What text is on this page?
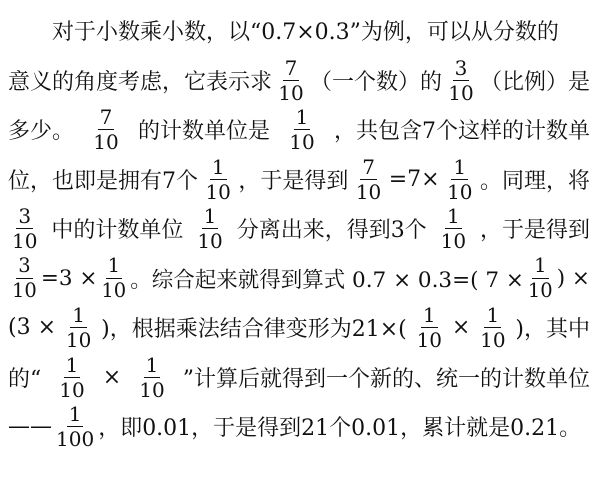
对于小数乘小数，以“0.7×0.3”为例，可以从分数的
意义的角度考虑，它表示求 $\frac{7}{10}$ （一个数）的 $\frac{3}{10}$ （比例）是
多少。 $\frac{7}{10}$ 的计数单位是 $\frac{1}{10}$ ，共包含7个这样的计数单
位，也即是拥有7个 $\frac{1}{10}$ ，于是得到 $\frac{7}{10} =7\times \frac{1}{10}$ 。同理，将
$\frac{3}{10}$ 中的计数单位 $\frac{1}{10}$ 分离出来，得到3个 $\frac{1}{10}$ ，于是得到
$\frac{3}{10} =3 \times \frac{1}{10}$ 。综合起来就得到算式 0.7 × 0.3=( $7 \times \frac{1}{10}$ ) ×
($3 \times \frac{1}{10}$ )，根据乘法结合律变形为$21\times( \frac{1}{10} \times \frac{1}{10}$ )，其中
的“ $\frac{1}{10} \times \frac{1}{10}$ ”计算后就得到一个新的、统一的计数单位
—— $\frac{1}{100}$ ，即0.01，于是得到21个0.01，累计就是0.21。
